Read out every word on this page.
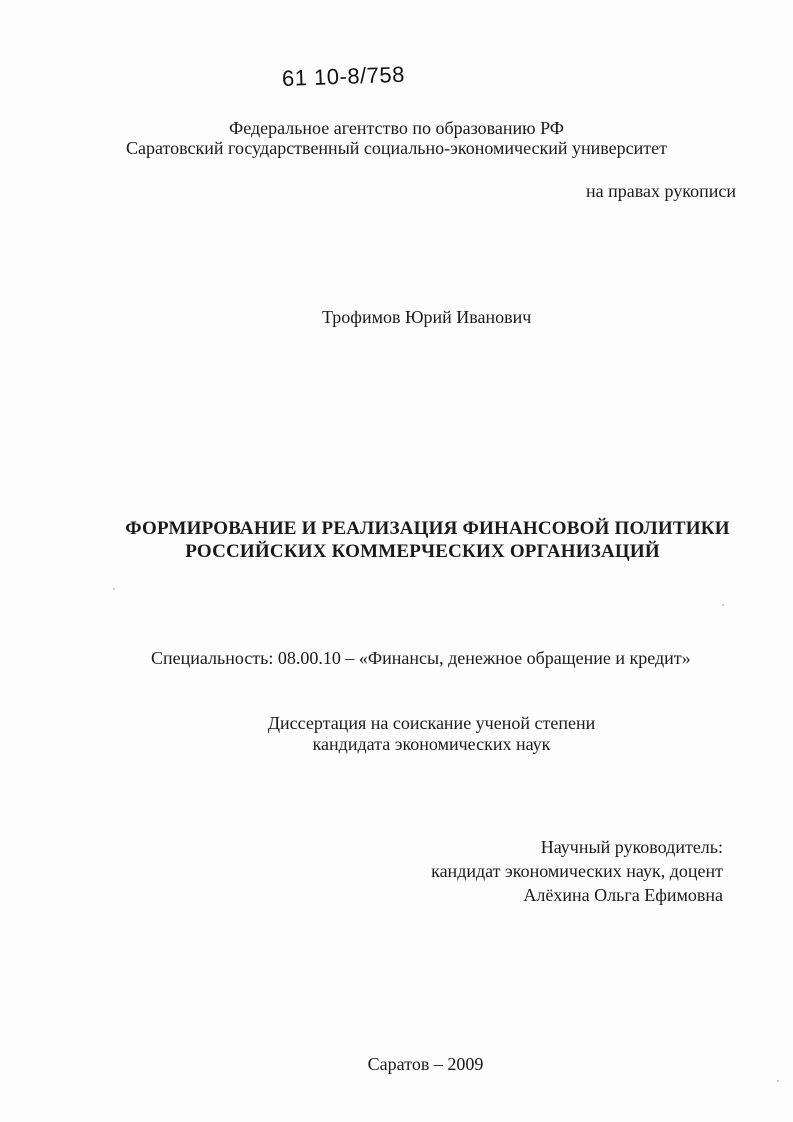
61 10-8/758
Федеральное агентство по образованию РФ
Саратовский государственный социально-экономический университет
на правах рукописи
Трофимов Юрий Иванович
ФОРМИРОВАНИЕ И РЕАЛИЗАЦИЯ ФИНАНСОВОЙ ПОЛИТИКИ
РОССИЙСКИХ КОММЕРЧЕСКИХ ОРГАНИЗАЦИЙ
Специальность: 08.00.10 – «Финансы, денежное обращение и кредит»
Диссертация на соискание ученой степени
кандидата экономических наук
Научный руководитель:
кандидат экономических наук, доцент
Алёхина Ольга Ефимовна
Саратов – 2009
